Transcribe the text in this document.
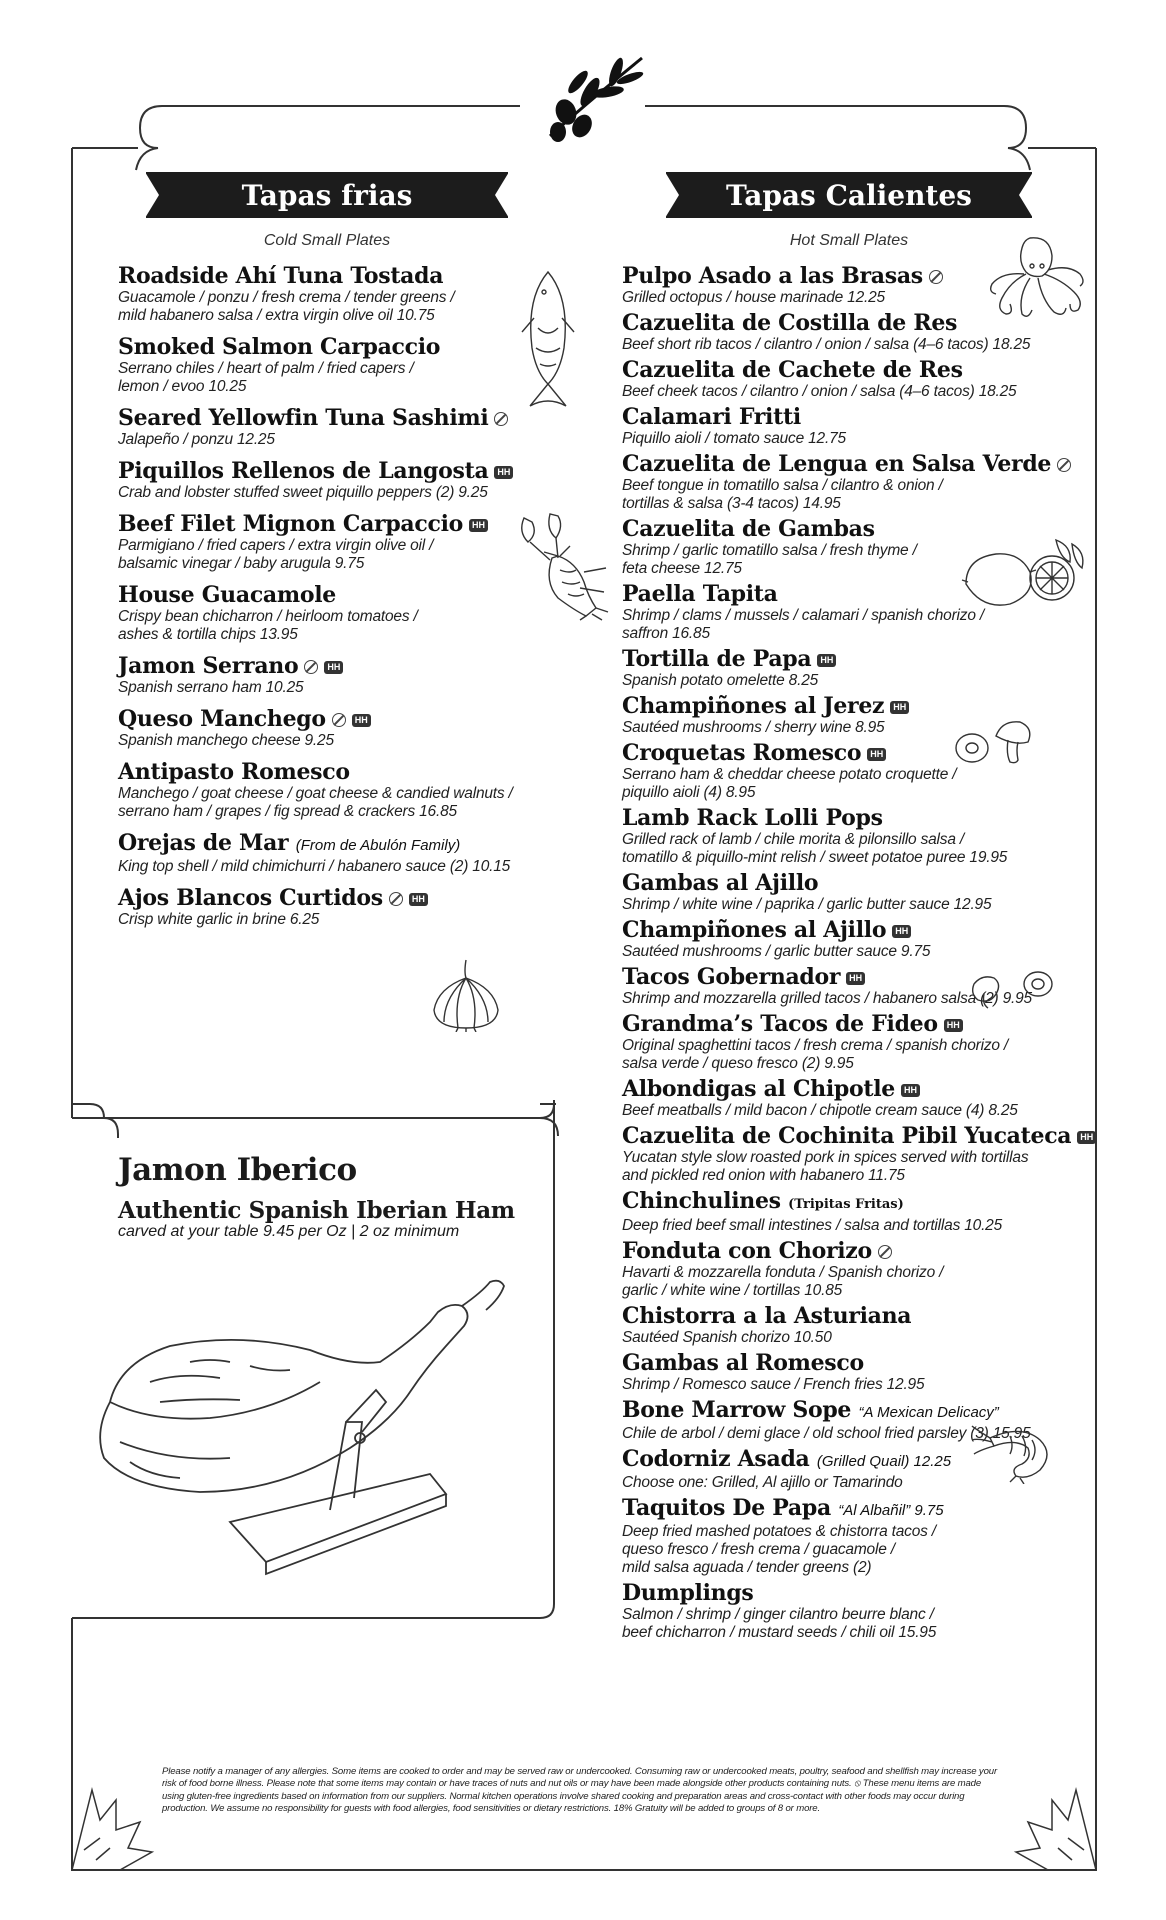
Tapas frias
Cold Small Plates
Tapas Calientes
Hot Small Plates
Roadside Ahí Tuna Tostada
Guacamole / ponzu / fresh crema / tender greens /
mild habanero salsa / extra virgin olive oil 10.75
Smoked Salmon Carpaccio
Serrano chiles / heart of palm / fried capers /
lemon / evoo 10.25
Seared Yellowfin Tuna Sashimi
Jalapeño / ponzu 12.25
Piquillos Rellenos de Langosta HH
Crab and lobster stuffed sweet piquillo peppers (2) 9.25
Beef Filet Mignon Carpaccio HH
Parmigiano / fried capers / extra virgin olive oil /
balsamic vinegar / baby arugula 9.75
House Guacamole
Crispy bean chicharron / heirloom tomatoes /
ashes & tortilla chips 13.95
Jamon Serrano	HH
Spanish serrano ham 10.25
Queso Manchego	HH
Spanish manchego cheese 9.25
Antipasto Romesco
Manchego / goat cheese / goat cheese & candied walnuts /
serrano ham / grapes / fig spread & crackers 16.85
Orejas de Mar (From de Abulón Family)
King top shell / mild chimichurri / habanero sauce (2) 10.15
Ajos Blancos Curtidos	HH
Crisp white garlic in brine 6.25
Pulpo Asado a las Brasas
Grilled octopus / house marinade 12.25
Cazuelita de Costilla de Res
Beef short rib tacos / cilantro / onion / salsa (4–6 tacos) 18.25
Cazuelita de Cachete de Res
Beef cheek tacos / cilantro / onion / salsa (4–6 tacos) 18.25
Calamari Fritti
Piquillo aioli / tomato sauce 12.75
Cazuelita de Lengua en Salsa Verde
Beef tongue in tomatillo salsa / cilantro & onion /
tortillas & salsa (3-4 tacos) 14.95
Cazuelita de Gambas
Shrimp / garlic tomatillo salsa / fresh thyme /
feta cheese 12.75
Paella Tapita
Shrimp / clams / mussels / calamari / spanish chorizo /
saffron 16.85
Tortilla de Papa HH
Spanish potato omelette 8.25
Champiñones al Jerez HH
Sautéed mushrooms / sherry wine 8.95
Croquetas Romesco HH
Serrano ham & cheddar cheese potato croquette /
piquillo aioli (4) 8.95
Lamb Rack Lolli Pops
Grilled rack of lamb / chile morita & pilonsillo salsa /
tomatillo & piquillo-mint relish / sweet potatoe puree 19.95
Gambas al Ajillo
Shrimp / white wine / paprika / garlic butter sauce 12.95
Champiñones al Ajillo HH
Sautéed mushrooms / garlic butter sauce 9.75
Tacos Gobernador HH
Shrimp and mozzarella grilled tacos / habanero salsa (2) 9.95
Grandma’s Tacos de Fideo HH
Original spaghettini tacos / fresh crema / spanish chorizo /
salsa verde / queso fresco (2) 9.95
Albondigas al Chipotle HH
Beef meatballs / mild bacon / chipotle cream sauce (4) 8.25
Cazuelita de Cochinita Pibil Yucateca HH
Yucatan style slow roasted pork in spices served with tortillas
and pickled red onion with habanero 11.75
Chinchulines (Tripitas Fritas)
Deep fried beef small intestines / salsa and tortillas 10.25
Fonduta con Chorizo
Havarti & mozzarella fonduta / Spanish chorizo /
garlic / white wine / tortillas 10.85
Chistorra a la Asturiana
Sautéed Spanish chorizo 10.50
Gambas al Romesco
Shrimp / Romesco sauce / French fries 12.95
Bone Marrow Sope “A Mexican Delicacy”
Chile de arbol / demi glace / old school fried parsley (3) 15.95
Codorniz Asada (Grilled Quail) 12.25
Choose one: Grilled, Al ajillo or Tamarindo
Taquitos De Papa “Al Albañil” 9.75
Deep fried mashed potatoes & chistorra tacos /
queso fresco / fresh crema / guacamole /
mild salsa aguada / tender greens (2)
Dumplings
Salmon / shrimp / ginger cilantro beurre blanc /
beef chicharron / mustard seeds / chili oil 15.95
Jamon Iberico
Authentic Spanish Iberian Ham
carved at your table 9.45 per Oz | 2 oz minimum
Please notify a manager of any allergies. Some items are cooked to order and may be served raw or undercooked. Consuming raw or undercooked meats, poultry, seafood and shellfish may increase your risk of food borne illness. Please note that some items may contain or have traces of nuts and nut oils or may have been made alongside other products containing nuts. ⦸ These menu items are made using gluten-free ingredients based on information from our suppliers. Normal kitchen operations involve shared cooking and preparation areas and cross-contact with other foods may occur during production. We assume no responsibility for guests with food allergies, food sensitivities or dietary restrictions. 18% Gratuity will be added to groups of 8 or more.
